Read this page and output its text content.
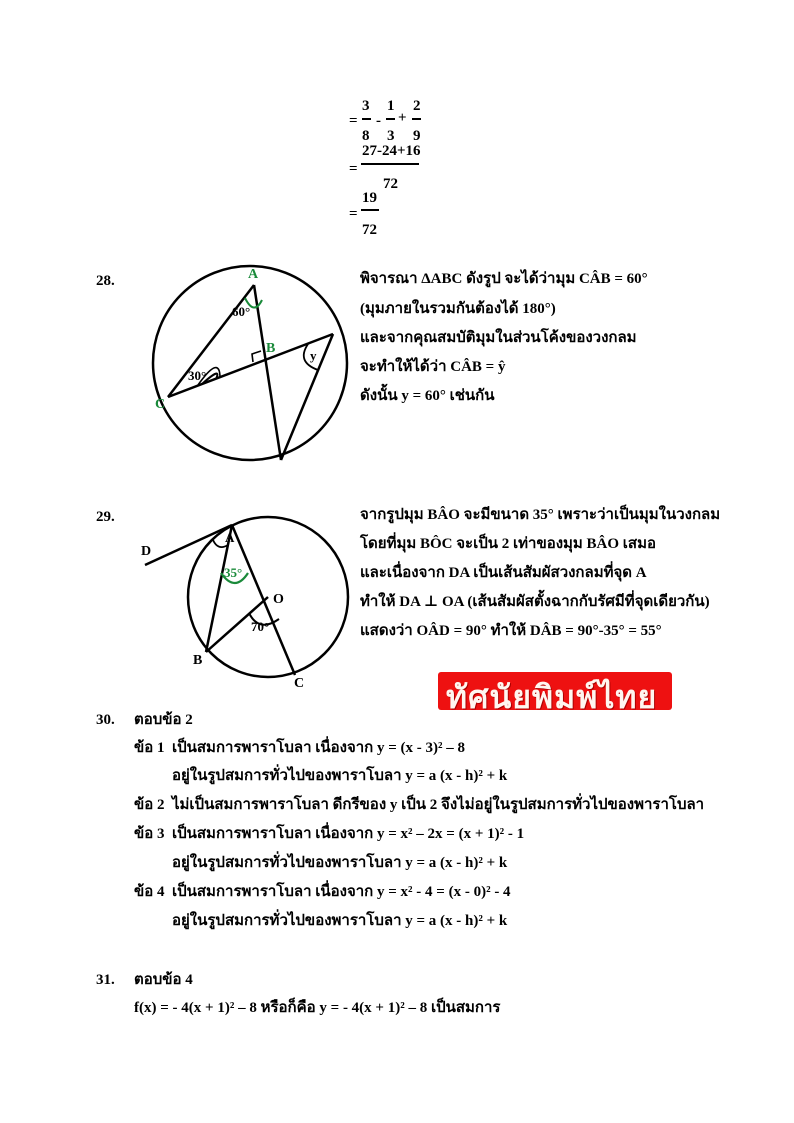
=
3
8
-
1
3
+
2
9
=
27-24+16
72
=
19
72
28.	A
B
C
60°
30°
y
พิจารณา ΔABC ดังรูป จะได้ว่ามุม CÂB = 60°
(มุมภายในรวมกันต้องได้ 180°)
และจากคุณสมบัติมุมในส่วนโค้งของวงกลม
จะทำให้ได้ว่า CÂB = ŷ
ดังนั้น y = 60° เช่นกัน
29.
D
A
O
B
C
35°
70°
จากรูปมุม BÂO จะมีขนาด 35° เพราะว่าเป็นมุมในวงกลม
โดยที่มุม BÔC จะเป็น 2 เท่าของมุม BÂO เสมอ
และเนื่องจาก DA เป็นเส้นสัมผัสวงกลมที่จุด A
ทำให้ DA ⊥ OA (เส้นสัมผัสตั้งฉากกับรัศมีที่จุดเดียวกัน)
แสดงว่า OÂD = 90° ทำให้ DÂB = 90°-35° = 55°
ทัศนัยพิมพ์ไทย
30. ตอบข้อ 2
ข้อ 1 เป็นสมการพาราโบลา เนื่องจาก y = (x - 3)² – 8
อยู่ในรูปสมการทั่วไปของพาราโบลา y = a (x - h)² + k
ข้อ 2 ไม่เป็นสมการพาราโบลา ดีกรีของ y เป็น 2 จึงไม่อยู่ในรูปสมการทั่วไปของพาราโบลา
ข้อ 3 เป็นสมการพาราโบลา เนื่องจาก y = x² – 2x = (x + 1)² - 1
อยู่ในรูปสมการทั่วไปของพาราโบลา y = a (x - h)² + k
ข้อ 4 เป็นสมการพาราโบลา เนื่องจาก y = x² - 4 = (x - 0)² - 4
อยู่ในรูปสมการทั่วไปของพาราโบลา y = a (x - h)² + k
31. ตอบข้อ 4
f(x) = - 4(x + 1)² – 8 หรือก็คือ y = - 4(x + 1)² – 8 เป็นสมการ
